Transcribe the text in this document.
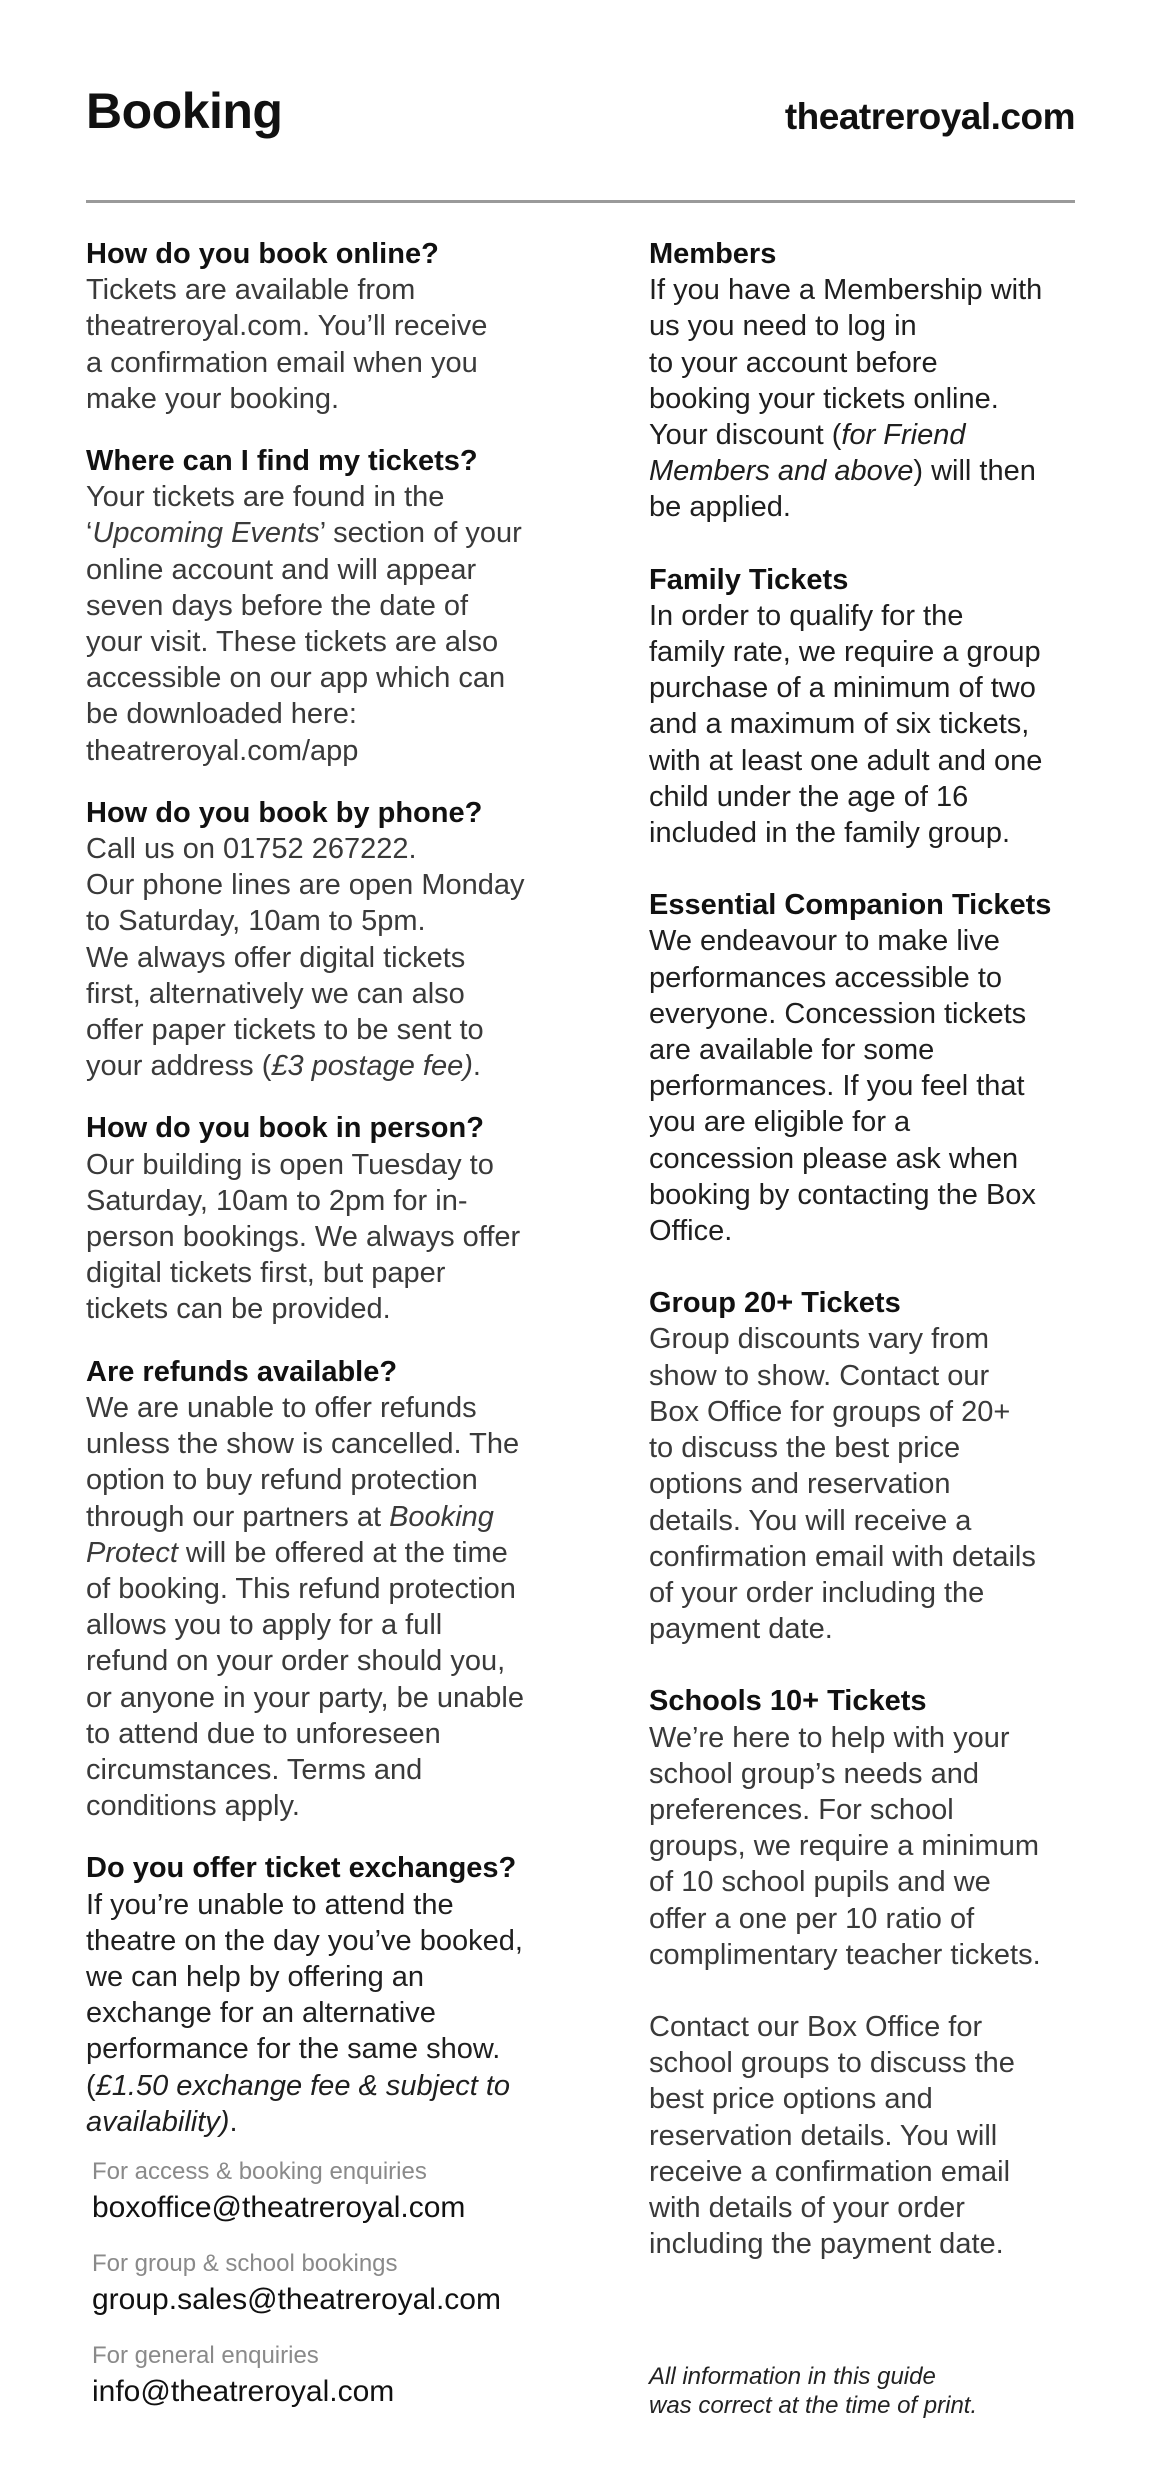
Booking	theatreroyal.com
How do you book online?

Tickets are available from
theatreroyal.com. You’ll receive
a confirmation email when you
make your booking.

Where can I find my tickets?

Your tickets are found in the
‘Upcoming Events’ section of your
online account and will appear
seven days before the date of
your visit. These tickets are also
accessible on our app which can
be downloaded here:
theatreroyal.com/app

How do you book by phone?

Call us on 01752 267222.
Our phone lines are open Monday
to Saturday, 10am to 5pm.
We always offer digital tickets
first, alternatively we can also
offer paper tickets to be sent to
your address (£3 postage fee).

How do you book in person?

Our building is open Tuesday to
Saturday, 10am to 2pm for in-
person bookings. We always offer
digital tickets first, but paper
tickets can be provided.

Are refunds available?

We are unable to offer refunds
unless the show is cancelled. The
option to buy refund protection
through our partners at Booking
Protect will be offered at the time
of booking. This refund protection
allows you to apply for a full
refund on your order should you,
or anyone in your party, be unable
to attend due to unforeseen
circumstances. Terms and
conditions apply.

Do you offer ticket exchanges?

If you’re unable to attend the
theatre on the day you’ve booked,
we can help by offering an
exchange for an alternative
performance for the same show.
(£1.50 exchange fee & subject to
availability).

For access & booking enquiries
boxoffice@theatreroyal.com
For group & school bookings
group.sales@theatreroyal.com
For general enquiries
info@theatreroyal.com
Members

If you have a Membership with
us you need to log in
to your account before
booking your tickets online.
Your discount (for Friend
Members and above) will then
be applied.

Family Tickets

In order to qualify for the
family rate, we require a group
purchase of a minimum of two
and a maximum of six tickets,
with at least one adult and one
child under the age of 16
included in the family group.

Essential Companion Tickets

We endeavour to make live
performances accessible to
everyone. Concession tickets
are available for some
performances. If you feel that
you are eligible for a
concession please ask when
booking by contacting the Box
Office.

Group 20+ Tickets

Group discounts vary from
show to show. Contact our
Box Office for groups of 20+
to discuss the best price
options and reservation
details. You will receive a
confirmation email with details
of your order including the
payment date.

Schools 10+ Tickets

We’re here to help with your
school group’s needs and
preferences. For school
groups, we require a minimum
of 10 school pupils and we
offer a one per 10 ratio of
complimentary teacher tickets.

Contact our Box Office for
school groups to discuss the
best price options and
reservation details. You will
receive a confirmation email
with details of your order
including the payment date.

All information in this guide
was correct at the time of print.
